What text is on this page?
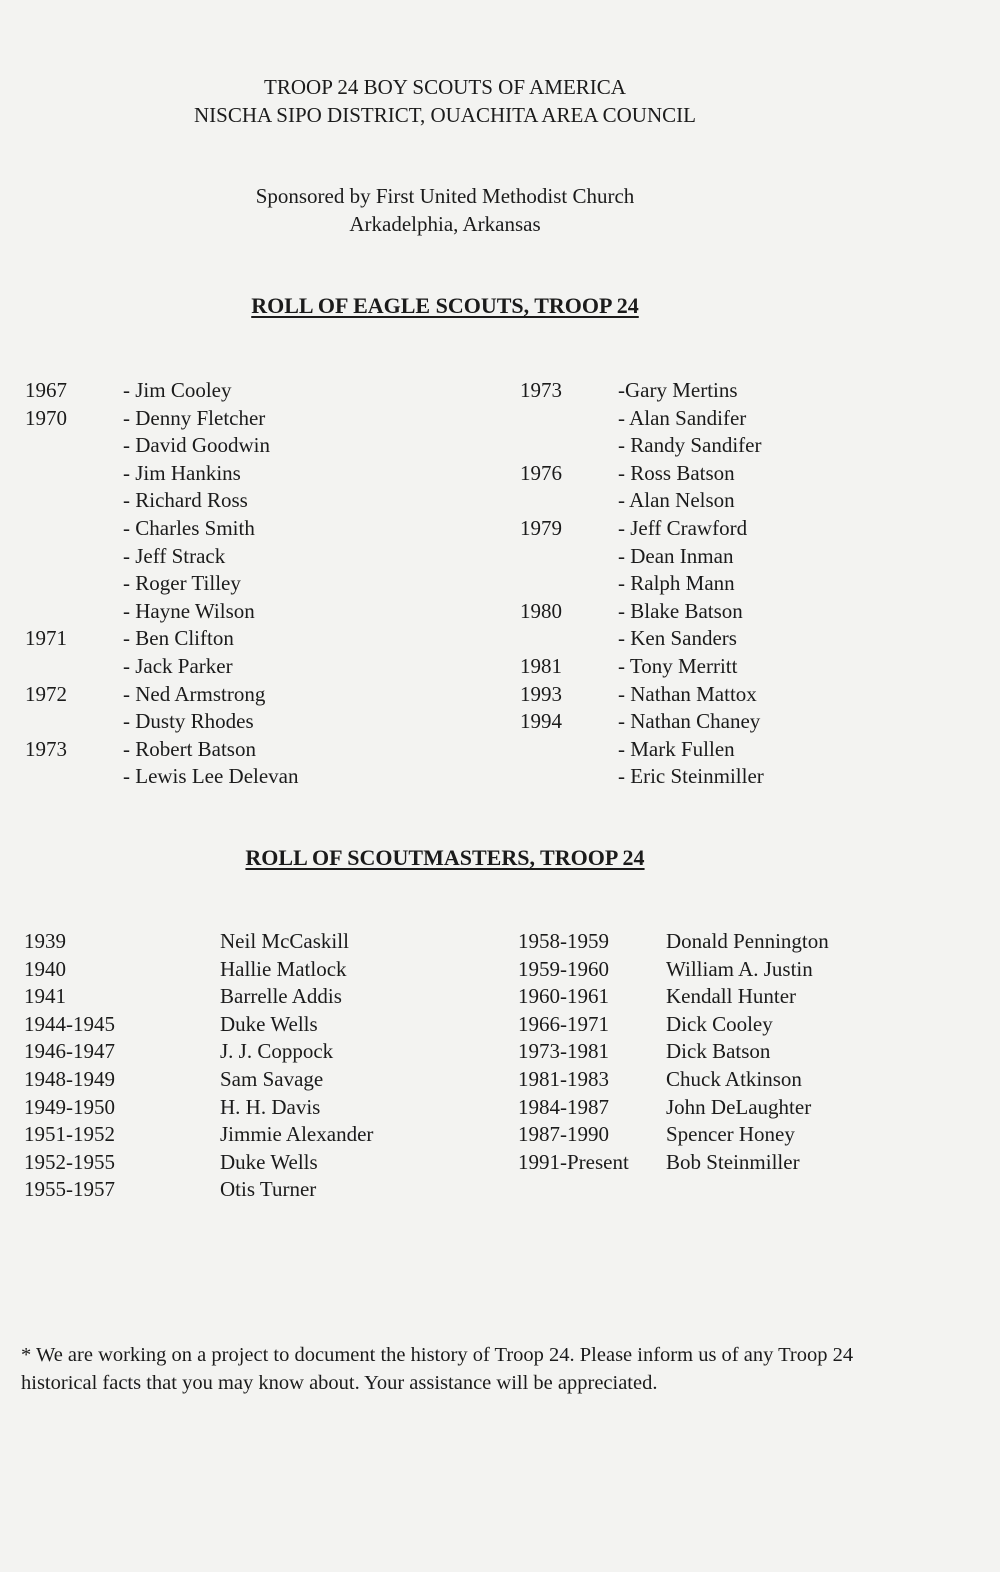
TROOP 24 BOY SCOUTS OF AMERICA
NISCHA SIPO DISTRICT, OUACHITA AREA COUNCIL
Sponsored by First United Methodist Church
Arkadelphia, Arkansas
ROLL OF EAGLE SCOUTS, TROOP 24
1967	- Jim Cooley
1970	- Denny Fletcher
- David Goodwin
- Jim Hankins
- Richard Ross
- Charles Smith
- Jeff Strack
- Roger Tilley
- Hayne Wilson
1971	- Ben Clifton
- Jack Parker
1972	- Ned Armstrong
- Dusty Rhodes
1973	- Robert Batson
- Lewis Lee Delevan
1973	-Gary Mertins
- Alan Sandifer
- Randy Sandifer
1976	- Ross Batson
- Alan Nelson
1979	- Jeff Crawford
- Dean Inman
- Ralph Mann
1980	- Blake Batson
- Ken Sanders
1981	- Tony Merritt
1993	- Nathan Mattox
1994	- Nathan Chaney
- Mark Fullen
- Eric Steinmiller
ROLL OF SCOUTMASTERS, TROOP 24
1939	Neil McCaskill
1940	Hallie Matlock
1941	Barrelle Addis
1944-1945	Duke Wells
1946-1947	J. J. Coppock
1948-1949	Sam Savage
1949-1950	H. H. Davis
1951-1952	Jimmie Alexander
1952-1955	Duke Wells
1955-1957	Otis Turner
1958-1959	Donald Pennington
1959-1960	William A. Justin
1960-1961	Kendall Hunter
1966-1971	Dick Cooley
1973-1981	Dick Batson
1981-1983	Chuck Atkinson
1984-1987	John DeLaughter
1987-1990	Spencer Honey
1991-Present Bob Steinmiller
* We are working on a project to document the history of Troop 24. Please inform us of any Troop 24 historical facts that you may know about. Your assistance will be appreciated.
